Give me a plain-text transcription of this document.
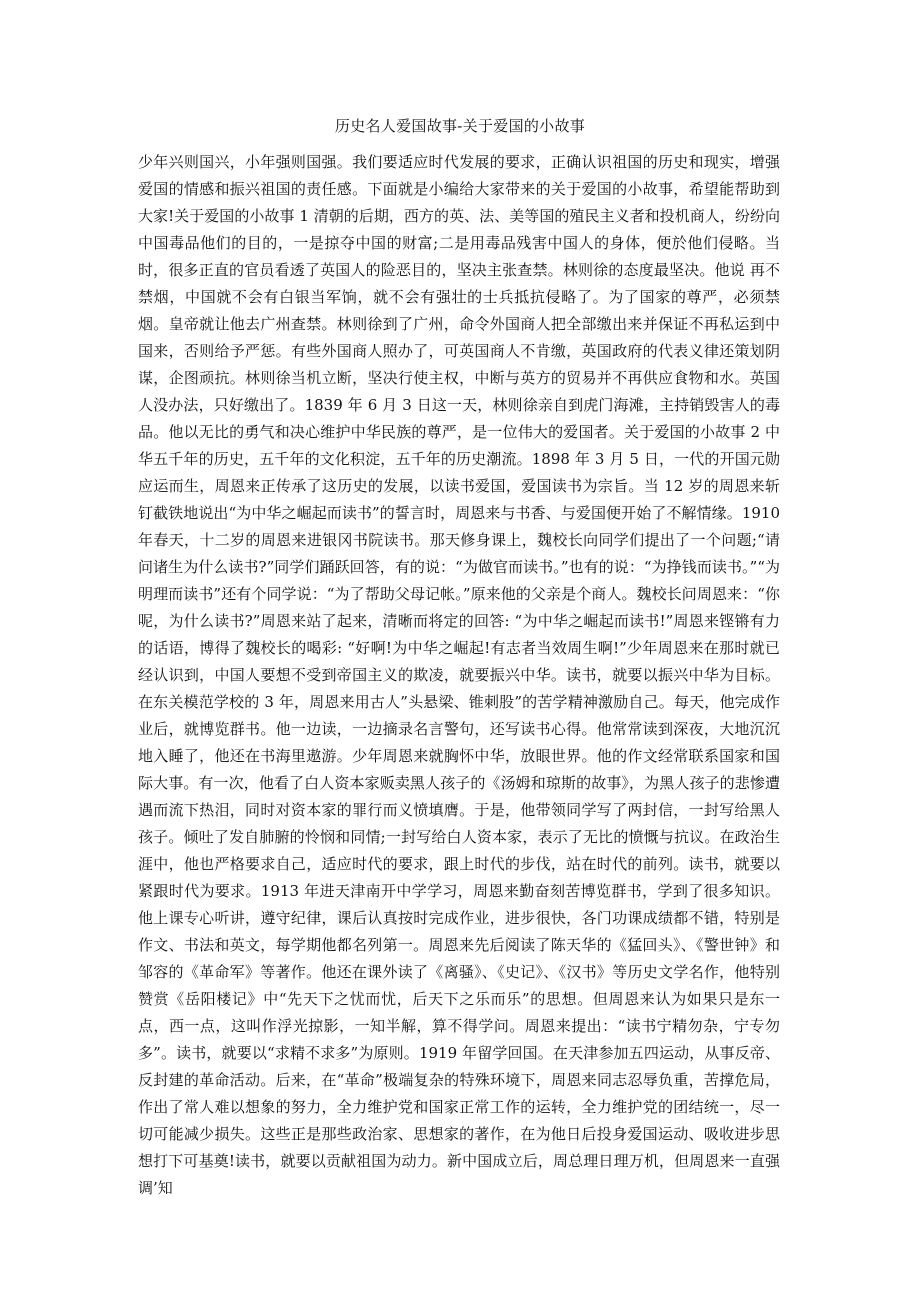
历史名人爱国故事-关于爱国的小故事

少年兴则国兴，小年强则国强。我们要适应时代发展的要求，正确认识祖国的历史和现实，增强爱国的情感和振兴祖国的责任感。下面就是小编给大家带来的关于爱国的小故事，希望能帮助到大家!关于爱国的小故事 1 清朝的后期，西方的英、法、美等国的殖民主义者和投机商人，纷纷向中国毒品他们的目的，一是掠夺中国的财富;二是用毒品残害中国人的身体，便於他们侵略。当时，很多正直的官员看透了英国人的险恶目的，坚决主张查禁。林则徐的态度最坚决。他说 再不禁烟，中国就不会有白银当军饷，就不会有强壮的士兵抵抗侵略了。为了国家的尊严，必须禁烟。皇帝就让他去广州查禁。林则徐到了广州，命令外国商人把全部缴出来并保证不再私运到中国来，否则给予严惩。有些外国商人照办了，可英国商人不肯缴，英国政府的代表义律还策划阴谋，企图顽抗。林则徐当机立断，坚决行使主权，中断与英方的贸易并不再供应食物和水。英国人没办法，只好缴出了。1839 年 6 月 3 日这一天，林则徐亲自到虎门海滩，主持销毁害人的毒品。他以无比的勇气和决心维护中华民族的尊严，是一位伟大的爱国者。关于爱国的小故事 2 中华五千年的历史，五千年的文化积淀，五千年的历史潮流。1898 年 3 月 5 日，一代的开国元勋应运而生，周恩来正传承了这历史的发展，以读书爱国，爱国读书为宗旨。当 12 岁的周恩来斩钉截铁地说出“为中华之崛起而读书”的誓言时，周恩来与书香、与爱国便开始了不解情缘。1910 年春天，十二岁的周恩来进银冈书院读书。那天修身课上，魏校长向同学们提出了一个问题;“请问诸生为什么读书?”同学们踊跃回答，有的说：“为做官而读书。”也有的说：“为挣钱而读书。”“为明理而读书”还有个同学说：“为了帮助父母记帐。”原来他的父亲是个商人。魏校长问周恩来：“你呢，为什么读书?”周恩来站了起来，清晰而将定的回答: “为中华之崛起而读书!”周恩来铿锵有力的话语，博得了魏校长的喝彩: “好啊!为中华之崛起!有志者当效周生啊!”少年周恩来在那时就已经认识到，中国人要想不受到帝国主义的欺凌，就要振兴中华。读书，就要以振兴中华为目标。在东关模范学校的 3 年，周恩来用古人”头悬梁、锥刺股”的苦学精神激励自己。每天，他完成作业后，就博览群书。他一边读，一边摘录名言警句，还写读书心得。他常常读到深夜，大地沉沉地入睡了，他还在书海里遨游。少年周恩来就胸怀中华，放眼世界。他的作文经常联系国家和国际大事。有一次，他看了白人资本家贩卖黑人孩子的《汤姆和琼斯的故事》，为黑人孩子的悲惨遭遇而流下热泪，同时对资本家的罪行而义愤填膺。于是，他带领同学写了两封信，一封写给黑人孩子。倾吐了发自肺腑的怜悯和同情;一封写给白人资本家，表示了无比的愤慨与抗议。在政治生涯中，他也严格要求自己，适应时代的要求，跟上时代的步伐，站在时代的前列。读书，就要以紧跟时代为要求。1913 年进天津南开中学学习，周恩来勤奋刻苦博览群书，学到了很多知识。他上课专心听讲，遵守纪律，课后认真按时完成作业，进步很快，各门功课成绩都不错，特别是作文、书法和英文，每学期他都名列第一。周恩来先后阅读了陈天华的《猛回头》、《警世钟》和邹容的《革命军》等著作。他还在课外读了《离骚》、《史记》、《汉书》等历史文学名作，他特别赞赏《岳阳楼记》中“先天下之忧而忧，后天下之乐而乐”的思想。但周恩来认为如果只是东一点，西一点，这叫作浮光掠影，一知半解，算不得学问。周恩来提出：“读书宁精勿杂，宁专勿多”。读书，就要以“求精不求多”为原则。1919 年留学回国。在天津参加五四运动，从事反帝、反封建的革命活动。后来，在“革命”极端复杂的特殊环境下，周恩来同志忍辱负重，苦撑危局，作出了常人难以想象的努力，全力维护党和国家正常工作的运转，全力维护党的团结统一，尽一切可能减少损失。这些正是那些政治家、思想家的著作，在为他日后投身爱国运动、吸收进步思想打下可基奠!读书，就要以贡献祖国为动力。新中国成立后，周总理日理万机，但周恩来一直强调’知
